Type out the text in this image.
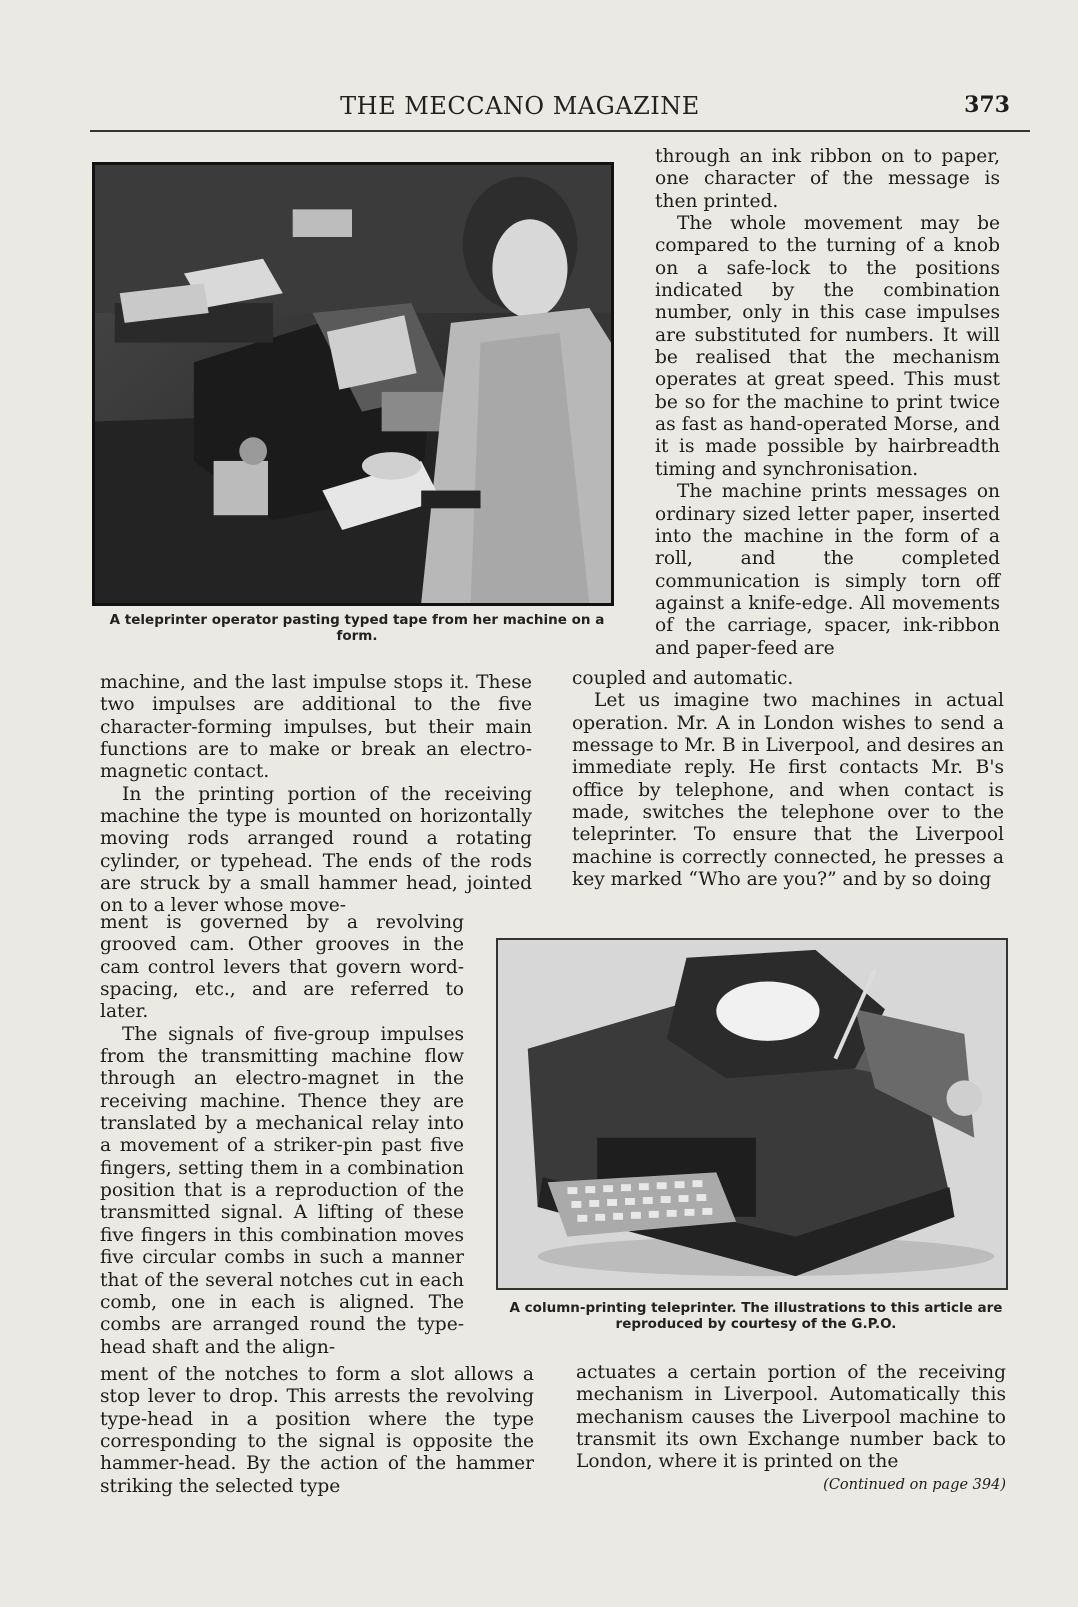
THE MECCANO MAGAZINE	373
A teleprinter operator pasting typed tape from her machine on a form.

through an ink ribbon on to paper, one character of the message is then printed.

The whole movement may be compared to the turning of a knob on a safe-lock to the positions indicated by the combination number, only in this case impulses are substituted for numbers. It will be realised that the mechanism operates at great speed. This must be so for the machine to print twice as fast as hand-operated Morse, and it is made possible by hairbreadth timing and synchronisation.

The machine prints messages on ordinary sized letter paper, inserted into the machine in the form of a roll, and the completed communication is simply torn off against a knife-edge. All movements of the carriage, spacer, ink-ribbon and paper-feed are

machine, and the last impulse stops it. These two impulses are additional to the five character-forming impulses, but their main functions are to make or break an electro-magnetic contact.

In the printing portion of the receiving machine the type is mounted on horizontally moving rods arranged round a rotating cylinder, or typehead. The ends of the rods are struck by a small hammer head, jointed on to a lever whose move-

coupled and automatic.

Let us imagine two machines in actual operation. Mr. A in London wishes to send a message to Mr. B in Liverpool, and desires an immediate reply. He first contacts Mr. B's office by telephone, and when contact is made, switches the telephone over to the teleprinter. To ensure that the Liverpool machine is correctly connected, he presses a key marked “Who are you?” and by so doing

ment is governed by a revolving grooved cam. Other grooves in the cam control levers that govern word-spacing, etc., and are referred to later.

The signals of five-group impulses from the transmitting machine flow through an electro-magnet in the receiving machine. Thence they are translated by a mechanical relay into a movement of a striker-pin past five fingers, setting them in a combination position that is a reproduction of the transmitted signal. A lifting of these five fingers in this combination moves five circular combs in such a manner that of the several notches cut in each comb, one in each is aligned. The combs are arranged round the type-head shaft and the align-

A column-printing teleprinter. The illustrations to this article are reproduced by courtesy of the G.P.O.

ment of the notches to form a slot allows a stop lever to drop. This arrests the revolving type-head in a position where the type corresponding to the signal is opposite the hammer-head. By the action of the hammer striking the selected type

actuates a certain portion of the receiving mechanism in Liverpool. Automatically this mechanism causes the Liverpool machine to transmit its own Exchange number back to London, where it is printed on the
(Continued on page 394)
